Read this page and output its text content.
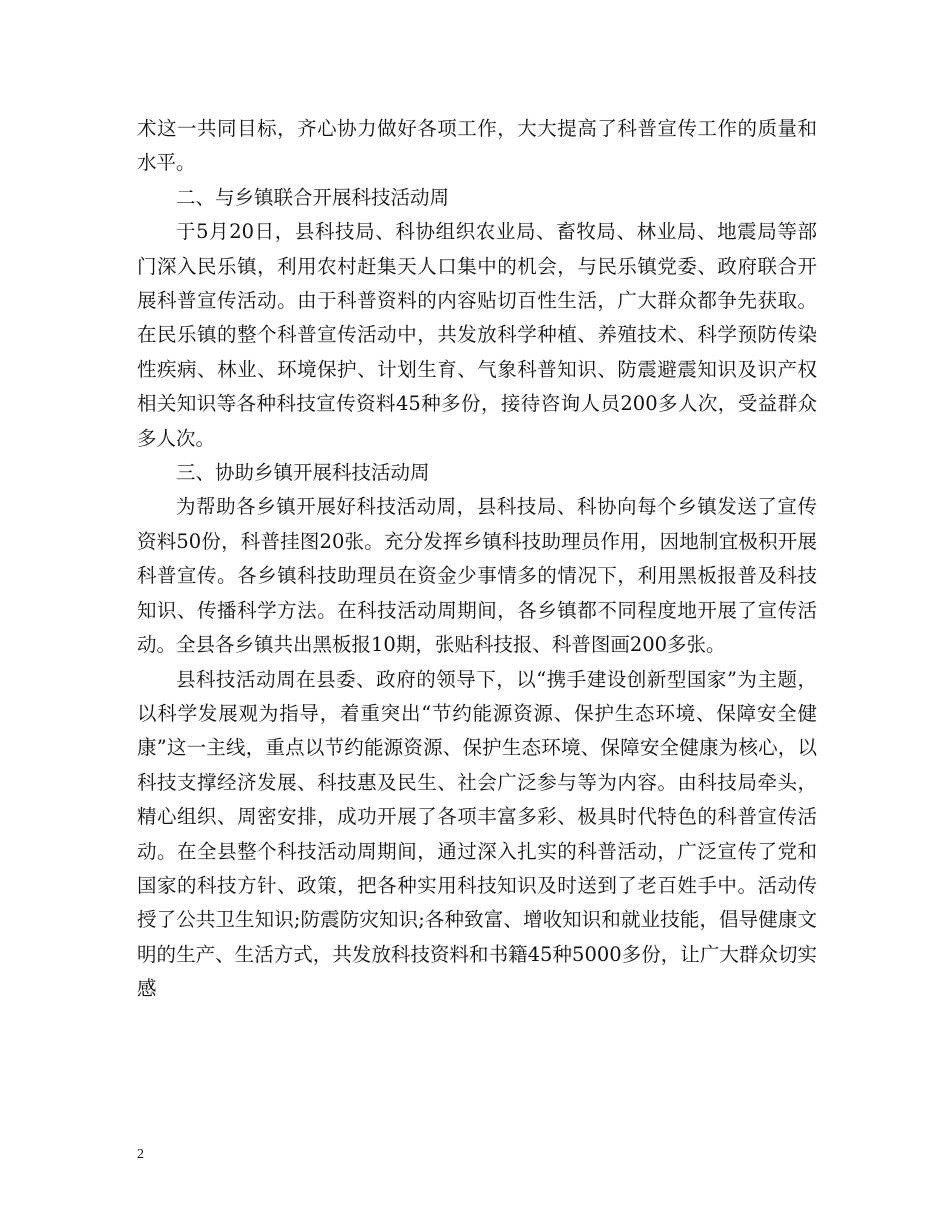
术这一共同目标，齐心协力做好各项工作，大大提高了科普宣传工作的质量和水平。

二、与乡镇联合开展科技活动周

于5月20日，县科技局、科协组织农业局、畜牧局、林业局、地震局等部门深入民乐镇，利用农村赶集天人口集中的机会，与民乐镇党委、政府联合开展科普宣传活动。由于科普资料的内容贴切百性生活，广大群众都争先获取。在民乐镇的整个科普宣传活动中，共发放科学种植、养殖技术、科学预防传染性疾病、林业、环境保护、计划生育、气象科普知识、防震避震知识及识产权相关知识等各种科技宣传资料45种多份，接待咨询人员200多人次，受益群众多人次。

三、协助乡镇开展科技活动周

为帮助各乡镇开展好科技活动周，县科技局、科协向每个乡镇发送了宣传资料50份，科普挂图20张。充分发挥乡镇科技助理员作用，因地制宜极积开展科普宣传。各乡镇科技助理员在资金少事情多的情况下，利用黑板报普及科技知识、传播科学方法。在科技活动周期间，各乡镇都不同程度地开展了宣传活动。全县各乡镇共出黑板报10期，张贴科技报、科普图画200多张。

县科技活动周在县委、政府的领导下，以“携手建设创新型国家”为主题，以科学发展观为指导，着重突出“节约能源资源、保护生态环境、保障安全健康”这一主线，重点以节约能源资源、保护生态环境、保障安全健康为核心，以科技支撑经济发展、科技惠及民生、社会广泛参与等为内容。由科技局牵头，精心组织、周密安排，成功开展了各项丰富多彩、极具时代特色的科普宣传活动。在全县整个科技活动周期间，通过深入扎实的科普活动，广泛宣传了党和国家的科技方针、政策，把各种实用科技知识及时送到了老百姓手中。活动传授了公共卫生知识;防震防灾知识;各种致富、增收知识和就业技能，倡导健康文明的生产、生活方式，共发放科技资料和书籍45种5000多份，让广大群众切实感

2
